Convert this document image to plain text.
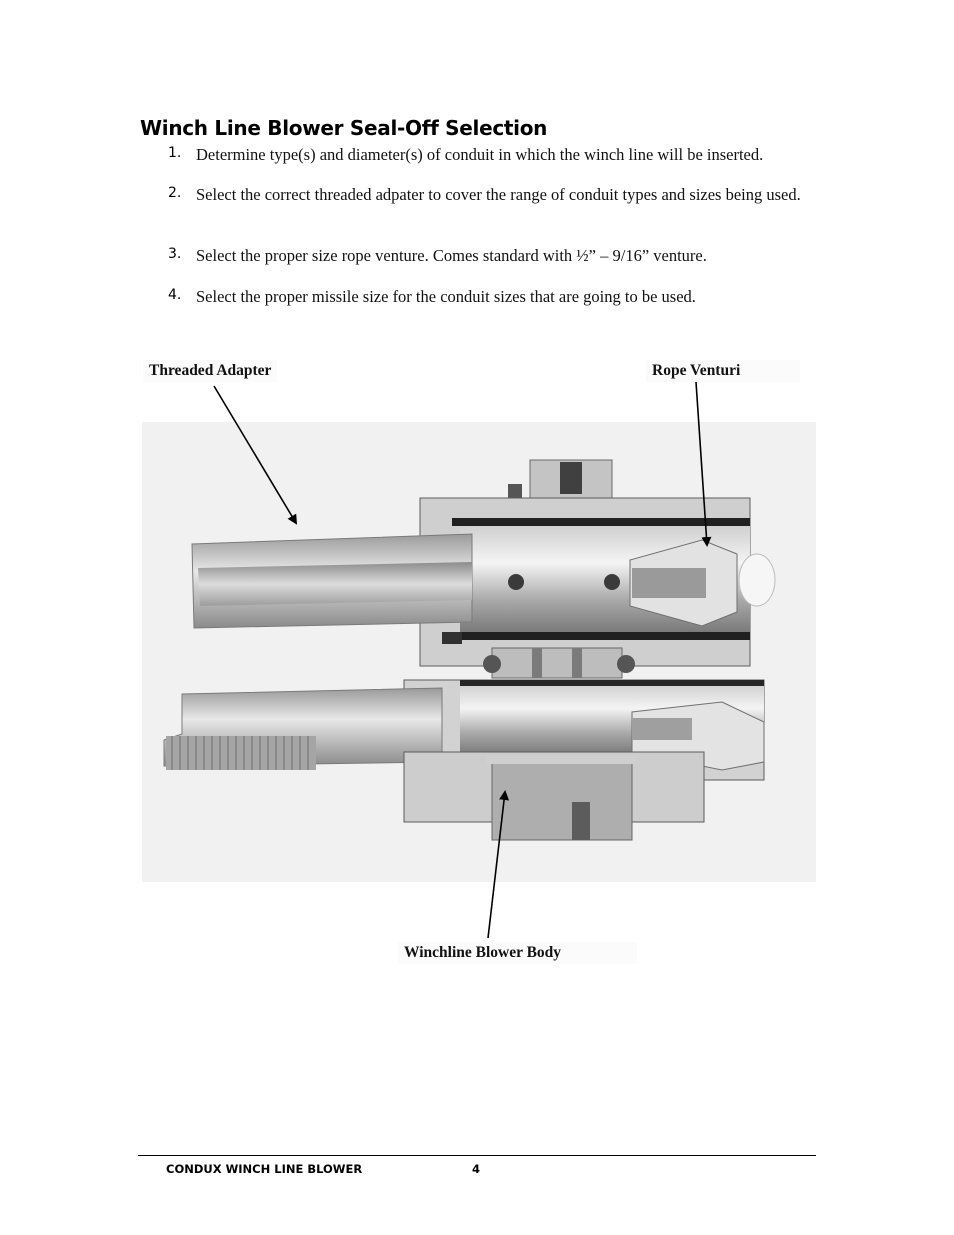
Winch Line Blower Seal-Off Selection
1. Determine type(s) and diameter(s) of conduit in which the winch line will be inserted.
2. Select the correct threaded adpater to cover the range of conduit types and sizes being used.
3. Select the proper size rope venture. Comes standard with ½” – 9/16” venture.
4. Select the proper missile size for the conduit sizes that are going to be used.
Threaded Adapter	Rope Venturi
Winchline Blower Body
CONDUX WINCH LINE BLOWER	4
